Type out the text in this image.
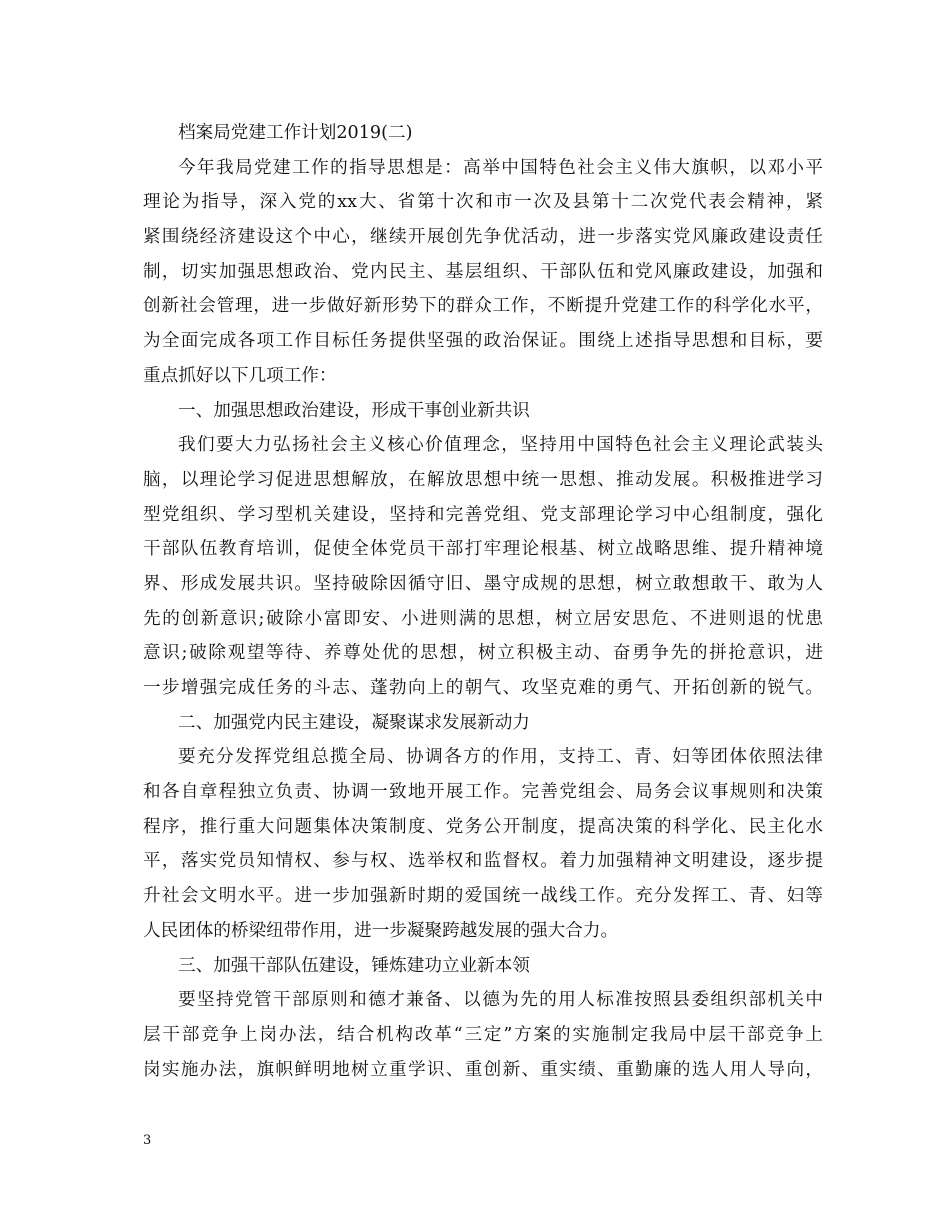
档案局党建工作计划2019(二)
今年我局党建工作的指导思想是：高举中国特色社会主义伟大旗帜，以邓小平
理论为指导，深入党的xx大、省第十次和市一次及县第十二次党代表会精神，紧
紧围绕经济建设这个中心，继续开展创先争优活动，进一步落实党风廉政建设责任
制，切实加强思想政治、党内民主、基层组织、干部队伍和党风廉政建设，加强和
创新社会管理，进一步做好新形势下的群众工作，不断提升党建工作的科学化水平，
为全面完成各项工作目标任务提供坚强的政治保证。围绕上述指导思想和目标，要
重点抓好以下几项工作：
一、加强思想政治建设，形成干事创业新共识
我们要大力弘扬社会主义核心价值理念，坚持用中国特色社会主义理论武装头
脑，以理论学习促进思想解放，在解放思想中统一思想、推动发展。积极推进学习
型党组织、学习型机关建设，坚持和完善党组、党支部理论学习中心组制度，强化
干部队伍教育培训，促使全体党员干部打牢理论根基、树立战略思维、提升精神境
界、形成发展共识。坚持破除因循守旧、墨守成规的思想，树立敢想敢干、敢为人
先的创新意识;破除小富即安、小进则满的思想，树立居安思危、不进则退的忧患
意识;破除观望等待、养尊处优的思想，树立积极主动、奋勇争先的拼抢意识，进
一步增强完成任务的斗志、蓬勃向上的朝气、攻坚克难的勇气、开拓创新的锐气。
二、加强党内民主建设，凝聚谋求发展新动力
要充分发挥党组总揽全局、协调各方的作用，支持工、青、妇等团体依照法律
和各自章程独立负责、协调一致地开展工作。完善党组会、局务会议事规则和决策
程序，推行重大问题集体决策制度、党务公开制度，提高决策的科学化、民主化水
平，落实党员知情权、参与权、选举权和监督权。着力加强精神文明建设，逐步提
升社会文明水平。进一步加强新时期的爱国统一战线工作。充分发挥工、青、妇等
人民团体的桥梁纽带作用，进一步凝聚跨越发展的强大合力。
三、加强干部队伍建设，锤炼建功立业新本领
要坚持党管干部原则和德才兼备、以德为先的用人标准按照县委组织部机关中
层干部竞争上岗办法，结合机构改革“三定”方案的实施制定我局中层干部竞争上
岗实施办法，旗帜鲜明地树立重学识、重创新、重实绩、重勤廉的选人用人导向，
3
